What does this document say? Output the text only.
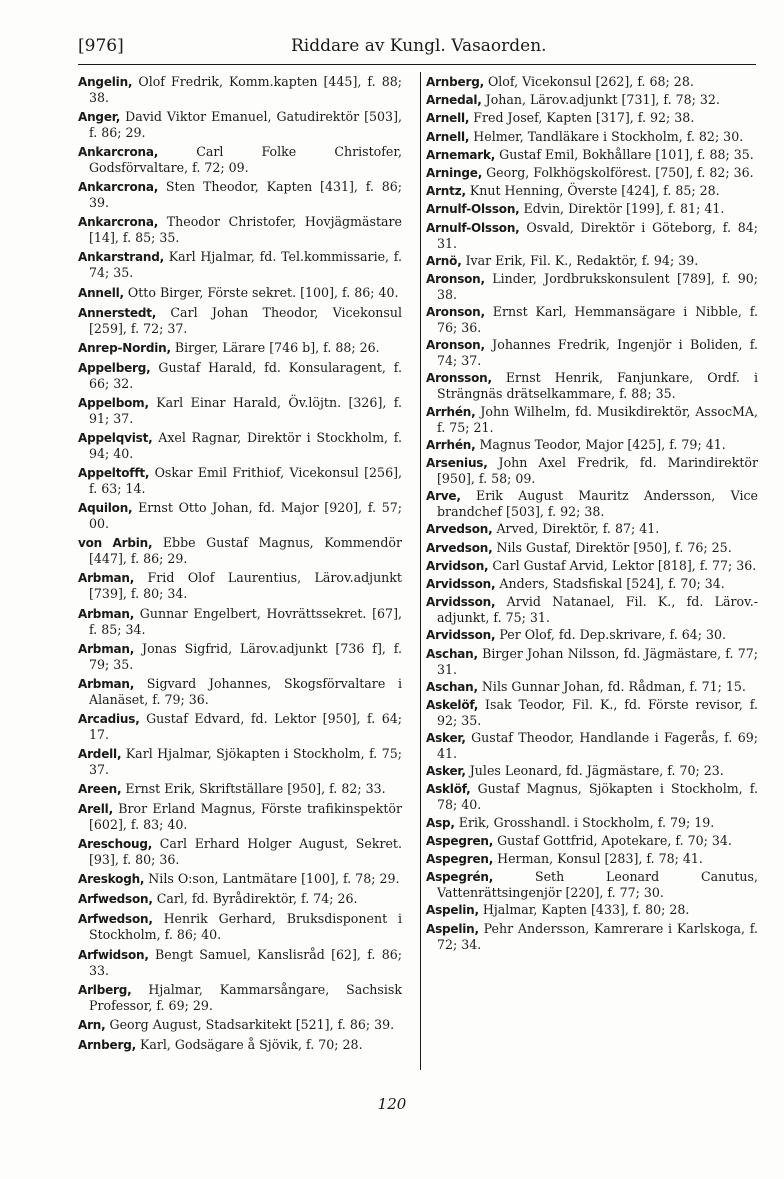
[976]	Riddare av Kungl. Vasaorden.

Angelin, Olof Fredrik, Komm.kapten [445], f. 88; 38.

Anger, David Viktor Emanuel, Gatudirektör [503], f. 86; 29.

Ankarcrona, Carl Folke Christofer, Godsförvaltare, f. 72; 09.

Ankarcrona, Sten Theodor, Kapten [431], f. 86; 39.

Ankarcrona, Theodor Christofer, Hovjägmästare [14], f. 85; 35.

Ankarstrand, Karl Hjalmar, fd. Tel.kommissarie, f. 74; 35.

Annell, Otto Birger, Förste sekret. [100], f. 86; 40.

Annerstedt, Carl Johan Theodor, Vicekonsul [259], f. 72; 37.

Anrep-Nordin, Birger, Lärare [746 b], f. 88; 26.

Appelberg, Gustaf Harald, fd. Konsularagent, f. 66; 32.

Appelbom, Karl Einar Harald, Öv.löjtn. [326], f. 91; 37.

Appelqvist, Axel Ragnar, Direktör i Stockholm, f. 94; 40.

Appeltofft, Oskar Emil Frithiof, Vicekonsul [256], f. 63; 14.

Aquilon, Ernst Otto Johan, fd. Major [920], f. 57; 00.

von Arbin, Ebbe Gustaf Magnus, Kommendör [447], f. 86; 29.

Arbman, Frid Olof Laurentius, Lärov.adjunkt [739], f. 80; 34.

Arbman, Gunnar Engelbert, Hovrättssekret. [67], f. 85; 34.

Arbman, Jonas Sigfrid, Lärov.adjunkt [736 f], f. 79; 35.

Arbman, Sigvard Johannes, Skogsförvaltare i Alanäset, f. 79; 36.

Arcadius, Gustaf Edvard, fd. Lektor [950], f. 64; 17.

Ardell, Karl Hjalmar, Sjökapten i Stockholm, f. 75; 37.

Areen, Ernst Erik, Skriftställare [950], f. 82; 33.

Arell, Bror Erland Magnus, Förste trafikinspektör [602], f. 83; 40.

Areschoug, Carl Erhard Holger August, Sekret. [93], f. 80; 36.

Areskogh, Nils O:son, Lantmätare [100], f. 78; 29.

Arfwedson, Carl, fd. Byrådirektör, f. 74; 26.

Arfwedson, Henrik Gerhard, Bruksdisponent i Stockholm, f. 86; 40.

Arfwidson, Bengt Samuel, Kanslisråd [62], f. 86; 33.

Arlberg, Hjalmar, Kammarsångare, Sachsisk Professor, f. 69; 29.

Arn, Georg August, Stadsarkitekt [521], f. 86; 39.

Arnberg, Karl, Godsägare å Sjövik, f. 70; 28.

Arnberg, Olof, Vicekonsul [262], f. 68; 28.

Arnedal, Johan, Lärov.adjunkt [731], f. 78; 32.

Arnell, Fred Josef, Kapten [317], f. 92; 38.

Arnell, Helmer, Tandläkare i Stockholm, f. 82; 30.

Arnemark, Gustaf Emil, Bokhållare [101], f. 88; 35.

Arninge, Georg, Folkhögskolförest. [750], f. 82; 36.

Arntz, Knut Henning, Överste [424], f. 85; 28.

Arnulf-Olsson, Edvin, Direktör [199], f. 81; 41.

Arnulf-Olsson, Osvald, Direktör i Göteborg, f. 84; 31.

Arnö, Ivar Erik, Fil. K., Redaktör, f. 94; 39.

Aronson, Linder, Jordbrukskonsulent [789], f. 90; 38.

Aronson, Ernst Karl, Hemmansägare i Nibble, f. 76; 36.

Aronson, Johannes Fredrik, Ingenjör i Boliden, f. 74; 37.

Aronsson, Ernst Henrik, Fanjunkare, Ordf. i Strängnäs drätselkammare, f. 88; 35.

Arrhén, John Wilhelm, fd. Musikdirektör, AssocMA, f. 75; 21.

Arrhén, Magnus Teodor, Major [425], f. 79; 41.

Arsenius, John Axel Fredrik, fd. Marindirektör [950], f. 58; 09.

Arve, Erik August Mauritz Andersson, Vice brandchef [503], f. 92; 38.

Arvedson, Arved, Direktör, f. 87; 41.

Arvedson, Nils Gustaf, Direktör [950], f. 76; 25.

Arvidson, Carl Gustaf Arvid, Lektor [818], f. 77; 36.

Arvidsson, Anders, Stadsfiskal [524], f. 70; 34.

Arvidsson, Arvid Natanael, Fil. K., fd. Lärov.-adjunkt, f. 75; 31.

Arvidsson, Per Olof, fd. Dep.skrivare, f. 64; 30.

Aschan, Birger Johan Nilsson, fd. Jägmästare, f. 77; 31.

Aschan, Nils Gunnar Johan, fd. Rådman, f. 71; 15.

Askelöf, Isak Teodor, Fil. K., fd. Förste revisor, f. 92; 35.

Asker, Gustaf Theodor, Handlande i Fagerås, f. 69; 41.

Asker, Jules Leonard, fd. Jägmästare, f. 70; 23.

Asklöf, Gustaf Magnus, Sjökapten i Stockholm, f. 78; 40.

Asp, Erik, Grosshandl. i Stockholm, f. 79; 19.

Aspegren, Gustaf Gottfrid, Apotekare, f. 70; 34.

Aspegren, Herman, Konsul [283], f. 78; 41.

Aspegrén, Seth Leonard Canutus, Vattenrättsingenjör [220], f. 77; 30.

Aspelin, Hjalmar, Kapten [433], f. 80; 28.

Aspelin, Pehr Andersson, Kamrerare i Karlskoga, f. 72; 34.

120
